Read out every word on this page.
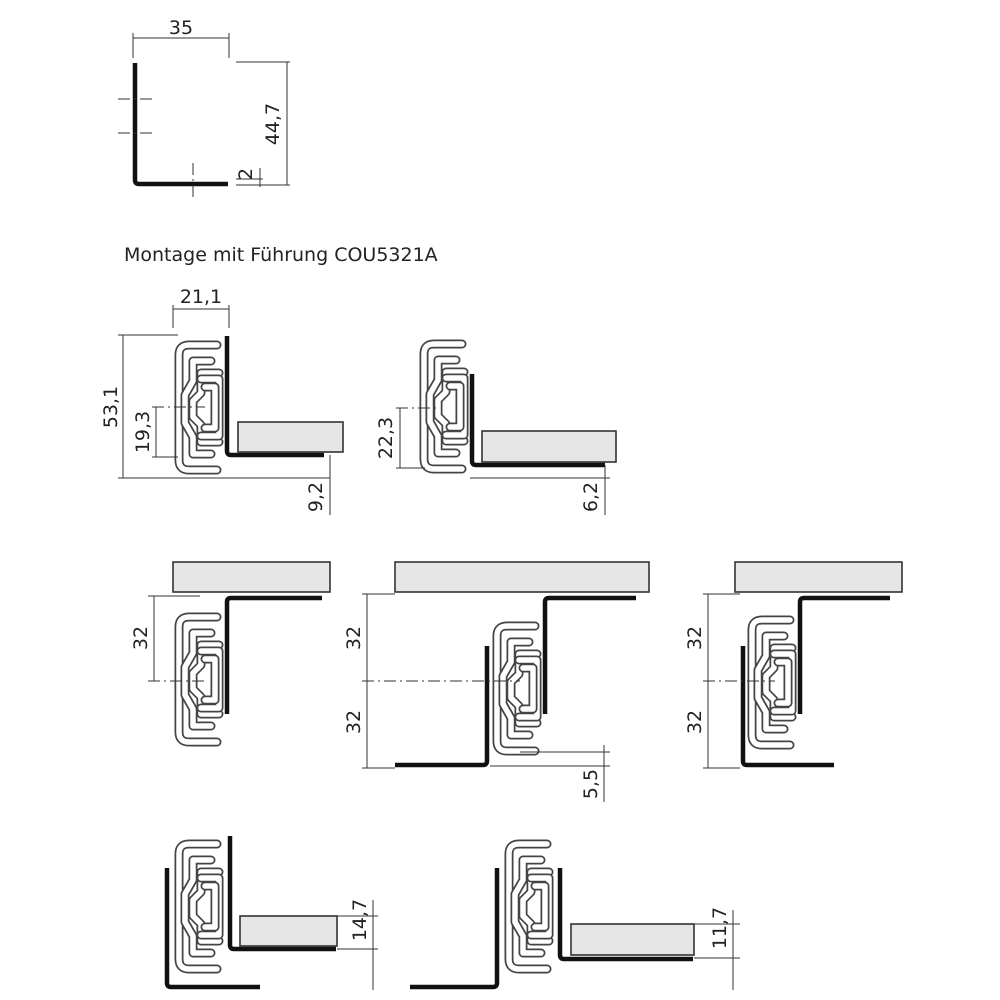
35
44,7
2
Montage mit Führung COU5321A
21,1
53,1
19,3
9,2
22,3
6,2
32	32
32
5,5
32
32
14,7	11,7
